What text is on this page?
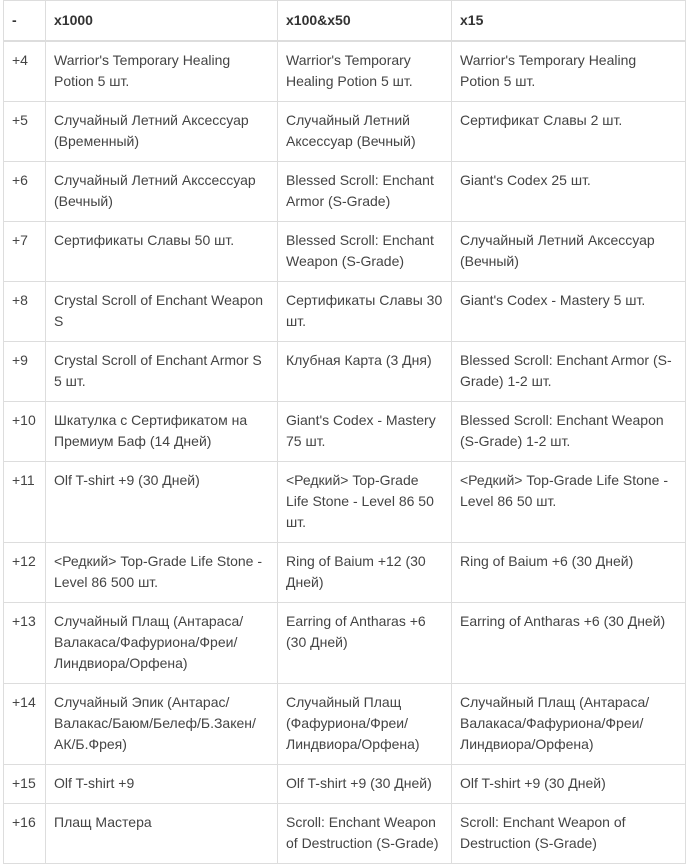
-	x1000	x100&x50	x15
+4	Warrior's Temporary Healing Potion 5 шт.	Warrior's Temporary Healing Potion 5 шт.	Warrior's Temporary Healing Potion 5 шт.
+5	Случайный Летний Аксессуар (Временный)	Случайный Летний Аксессуар (Вечный)	Сертификат Славы 2 шт.
+6	Случайный Летний Акссессуар (Вечный)	Blessed Scroll: Enchant Armor (S-Grade)	Giant's Codex 25 шт.
+7	Сертификаты Славы 50 шт.	Blessed Scroll: Enchant Weapon (S-Grade)	Случайный Летний Аксессуар (Вечный)
+8	Crystal Scroll of Enchant Weapon S	Сертификаты Славы 30 шт.	Giant's Codex - Mastery 5 шт.
+9	Crystal Scroll of Enchant Armor S 5 шт.	Клубная Карта (3 Дня)	Blessed Scroll: Enchant Armor (S-Grade) 1-2 шт.
+10	Шкатулка с Сертификатом на Премиум Баф (14 Дней)	Giant's Codex - Mastery 75 шт.	Blessed Scroll: Enchant Weapon (S-Grade) 1-2 шт.
+11	Olf T-shirt +9 (30 Дней)	<Редкий> Top-Grade Life Stone - Level 86 50 шт.	<Редкий> Top-Grade Life Stone - Level 86 50 шт.
+12	<Редкий> Top-Grade Life Stone - Level 86 500 шт.	Ring of Baium +12 (30 Дней)	Ring of Baium +6 (30 Дней)
+13	Случайный Плащ (Антараса/ Валакаса/Фафуриона/Фреи/ Линдвиора/Орфена)	Earring of Antharas +6 (30 Дней)	Earring of Antharas +6 (30 Дней)
+14	Случайный Эпик (Антарас/ Валакас/Баюм/Белеф/Б.Закен/ АК/Б.Фрея)	Случайный Плащ (Фафуриона/Фреи/ Линдвиора/Орфена)	Случайный Плащ (Антараса/ Валакаса/Фафуриона/Фреи/ Линдвиора/Орфена)
+15	Olf T-shirt +9	Olf T-shirt +9 (30 Дней)	Olf T-shirt +9 (30 Дней)
+16	Плащ Мастера	Scroll: Enchant Weapon of Destruction (S-Grade)	Scroll: Enchant Weapon of Destruction (S-Grade)
